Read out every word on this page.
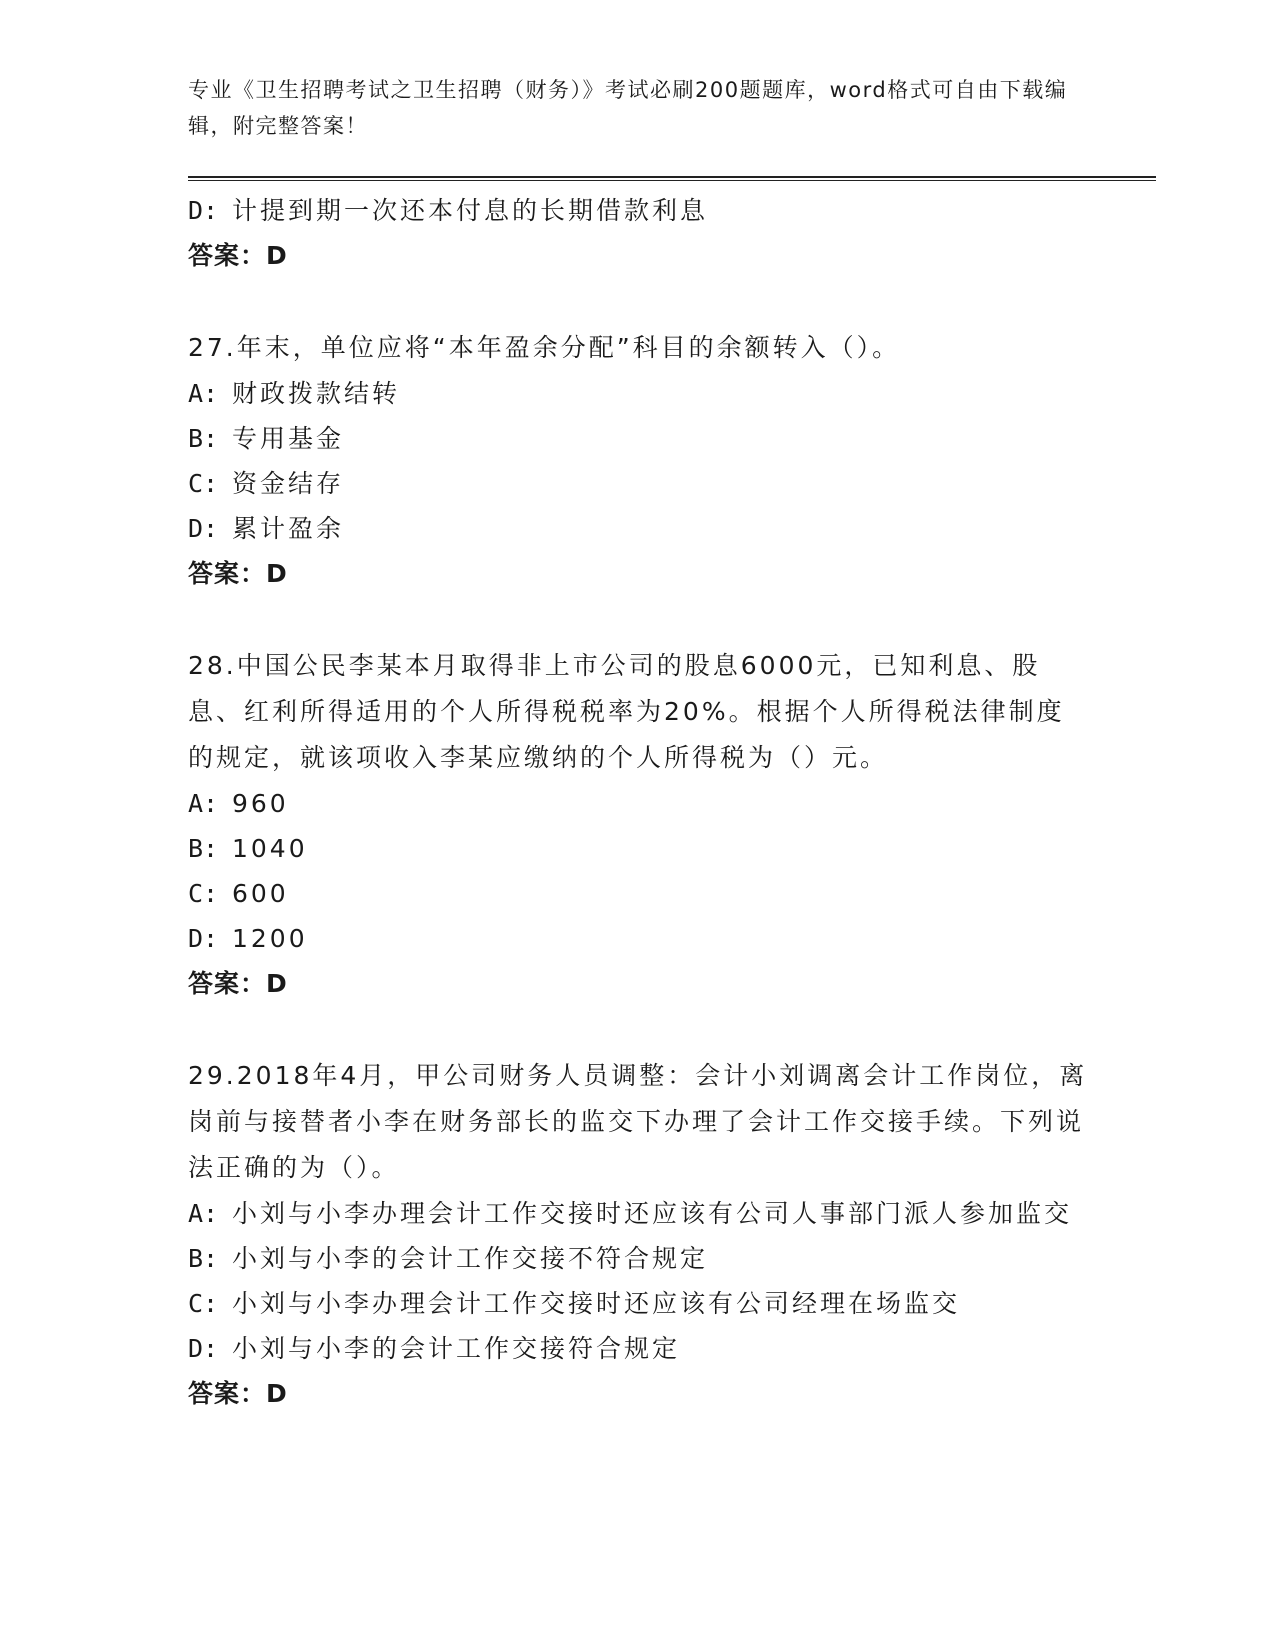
专业《卫生招聘考试之卫生招聘（财务）》考试必刷200题题库，word格式可自由下载编辑，附完整答案！
D: 计提到期一次还本付息的长期借款利息

答案：D

27.年末，单位应将“本年盈余分配”科目的余额转入（）。

A: 财政拨款结转
B: 专用基金
C: 资金结存
D: 累计盈余

答案：D

28.中国公民李某本月取得非上市公司的股息6000元，已知利息、股息、红利所得适用的个人所得税税率为20%。根据个人所得税法律制度的规定，就该项收入李某应缴纳的个人所得税为（）元。

A: 960
B: 1040
C: 600
D: 1200

答案：D

29.2018年4月，甲公司财务人员调整：会计小刘调离会计工作岗位，离岗前与接替者小李在财务部长的监交下办理了会计工作交接手续。下列说法正确的为（）。

A: 小刘与小李办理会计工作交接时还应该有公司人事部门派人参加监交
B: 小刘与小李的会计工作交接不符合规定
C: 小刘与小李办理会计工作交接时还应该有公司经理在场监交
D: 小刘与小李的会计工作交接符合规定

答案：D
